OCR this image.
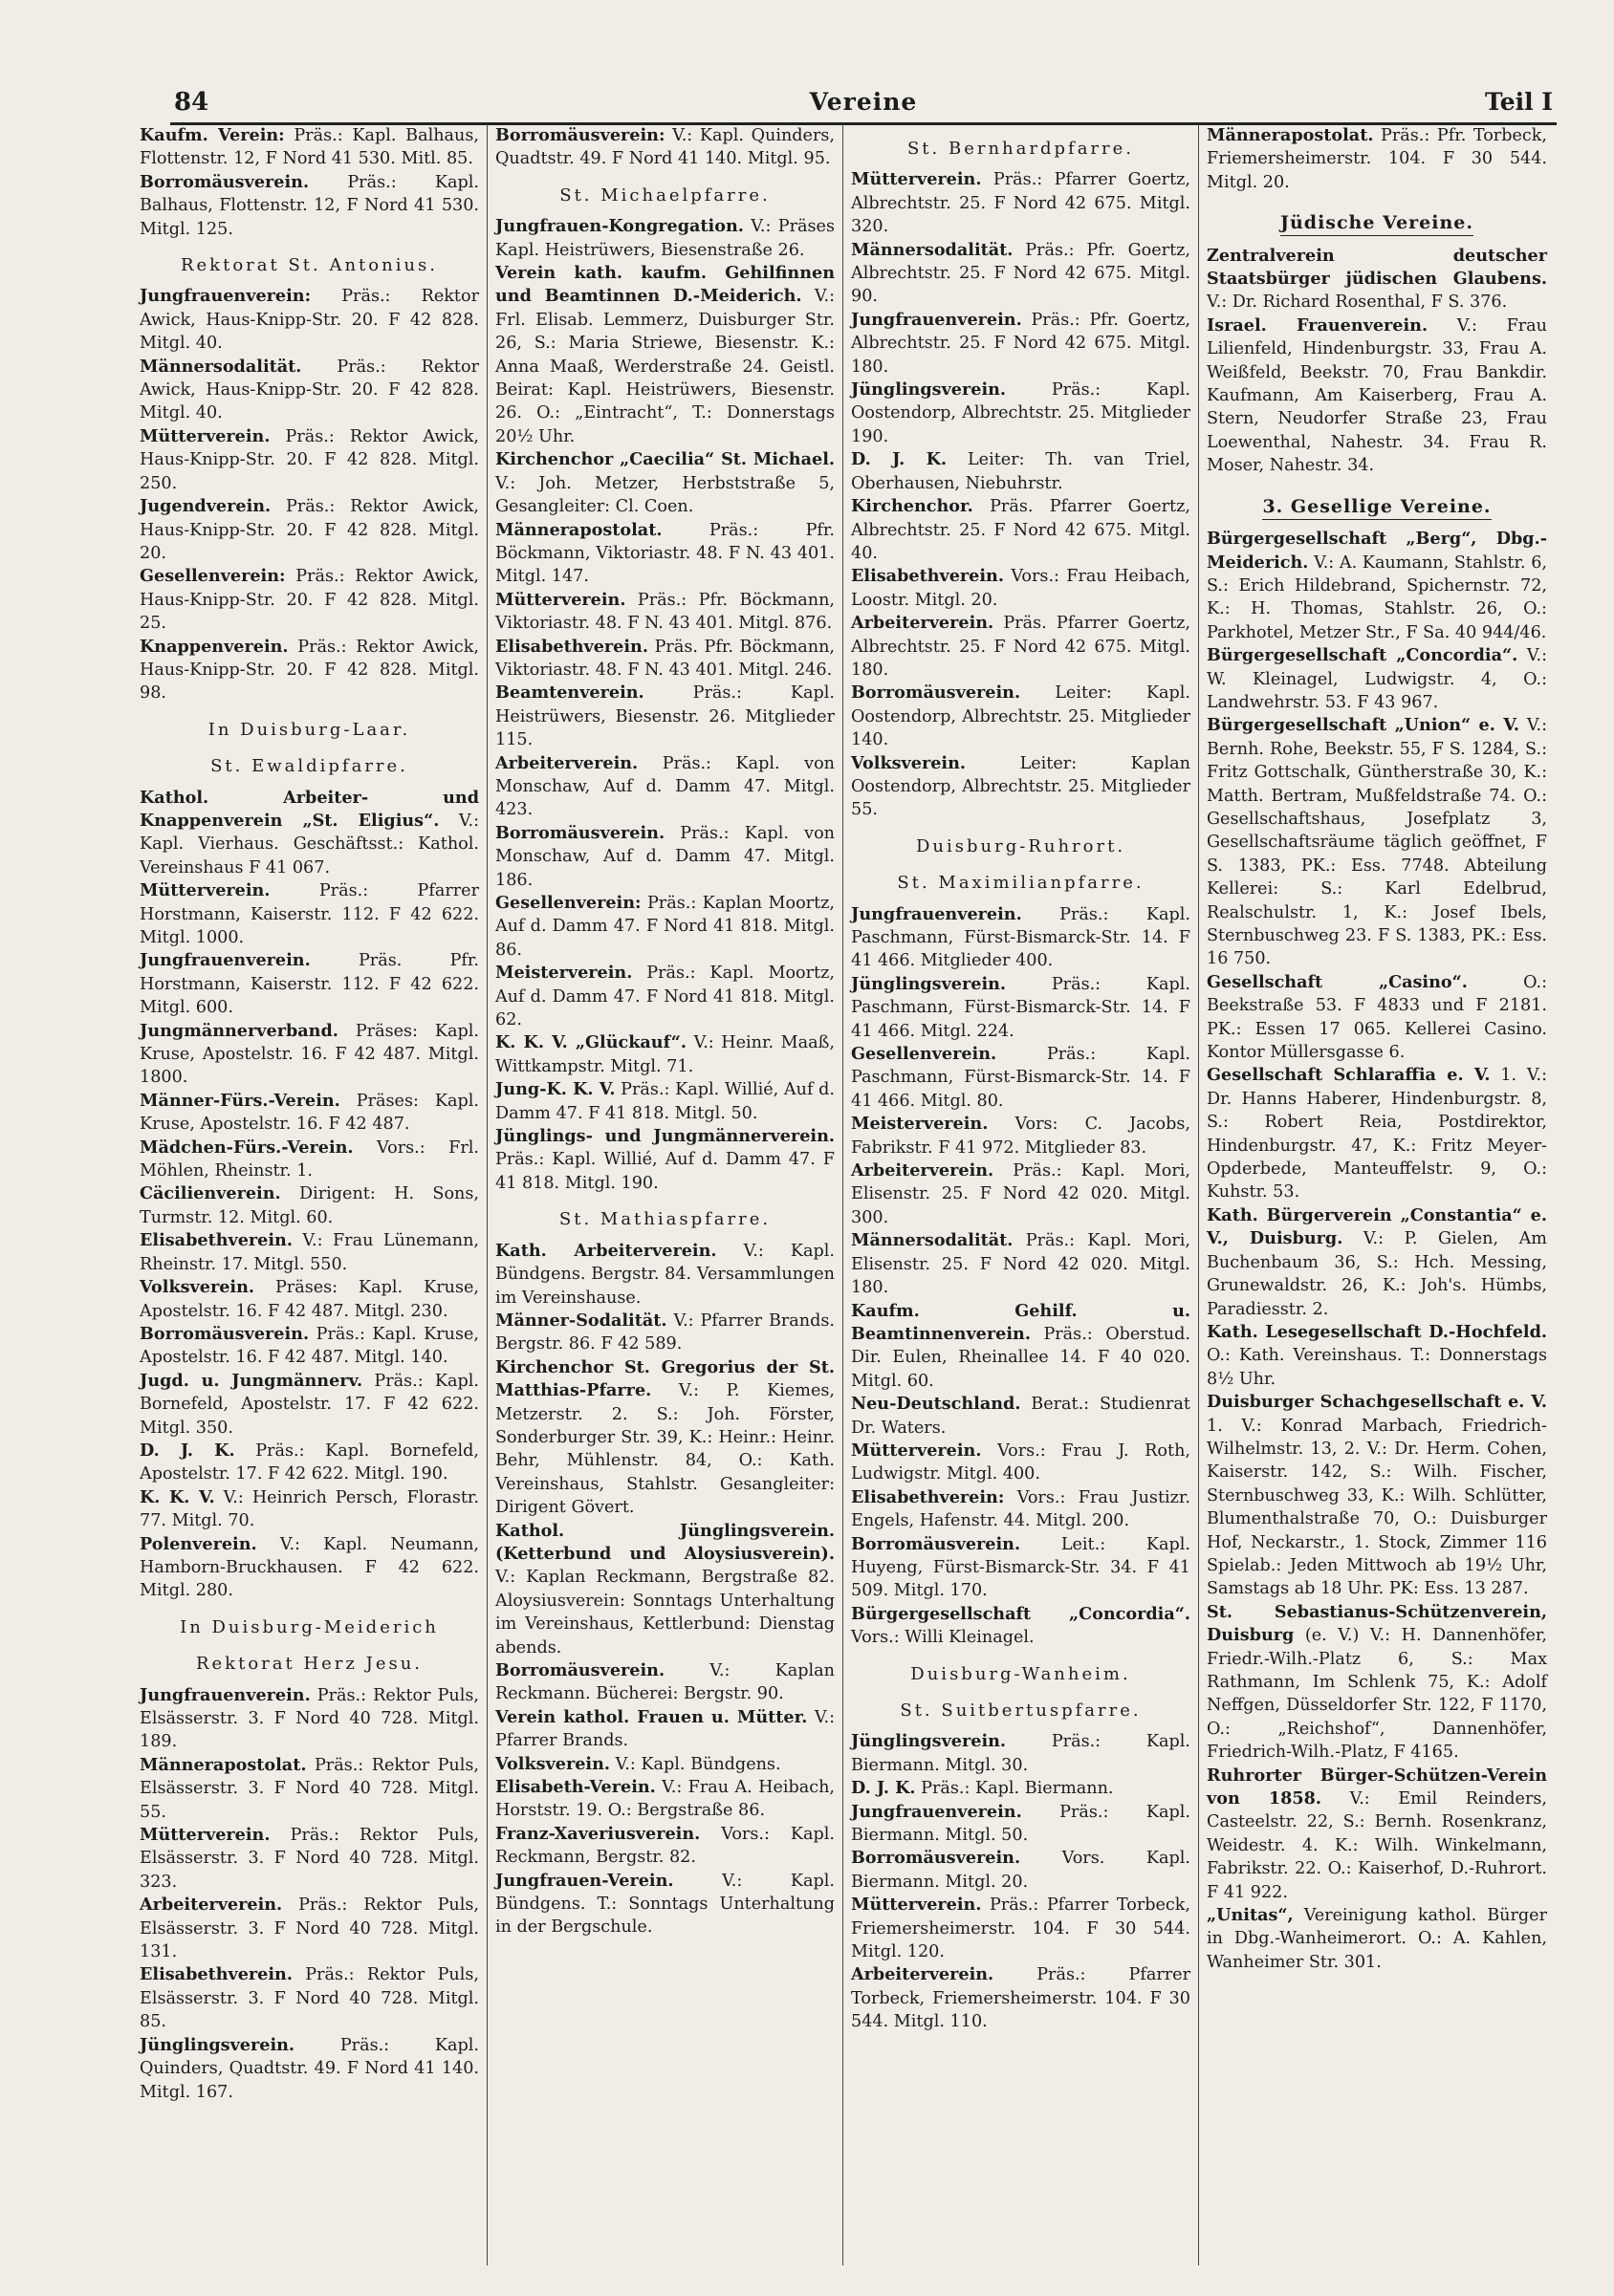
84	Vereine	Teil I

Kaufm. Verein: Präs.: Kapl. Balhaus, Flottenstr. 12, F Nord 41 530. Mitl. 85.

Borromäusverein. Präs.: Kapl. Balhaus, Flottenstr. 12, F Nord 41 530. Mitgl. 125.

Rektorat St. Antonius.

Jungfrauenverein: Präs.: Rektor Awick, Haus-Knipp-Str. 20. F 42 828. Mitgl. 40.

Männersodalität. Präs.: Rektor Awick, Haus-Knipp-Str. 20. F 42 828. Mitgl. 40.

Mütterverein. Präs.: Rektor Awick, Haus-Knipp-Str. 20. F 42 828. Mitgl. 250.

Jugendverein. Präs.: Rektor Awick, Haus-Knipp-Str. 20. F 42 828. Mitgl. 20.

Gesellenverein: Präs.: Rektor Awick, Haus-Knipp-Str. 20. F 42 828. Mitgl. 25.

Knappenverein. Präs.: Rektor Awick, Haus-Knipp-Str. 20. F 42 828. Mitgl. 98.

In Duisburg-Laar.
St. Ewaldipfarre.

Kathol. Arbeiter- und Knappenverein „St. Eligius“. V.: Kapl. Vierhaus. Geschäftsst.: Kathol. Vereinshaus F 41 067.

Mütterverein.	Präs.: Pfarrer Horstmann, Kaiserstr. 112. F 42 622. Mitgl. 1000.

Jungfrauenverein.	Präs. Pfr. Horstmann, Kaiserstr. 112. F 42 622. Mitgl. 600.

Jungmännerverband. Präses: Kapl. Kruse, Apostelstr. 16. F 42 487. Mitgl. 1800.

Männer-Fürs.-Verein. Präses: Kapl. Kruse, Apostelstr. 16. F 42 487.

Mädchen-Fürs.-Verein. Vors.: Frl. Möhlen, Rheinstr. 1.

Cäcilienverein. Dirigent: H. Sons, Turmstr. 12. Mitgl. 60.

Elisabethverein. V.: Frau Lünemann, Rheinstr. 17. Mitgl. 550.

Volksverein. Präses: Kapl. Kruse, Apostelstr. 16. F 42 487. Mitgl. 230.

Borromäusverein. Präs.: Kapl. Kruse, Apostelstr. 16. F 42 487. Mitgl. 140.

Jugd. u. Jungmännerv. Präs.: Kapl. Bornefeld, Apostelstr. 17. F 42 622. Mitgl. 350.

D. J. K. Präs.: Kapl. Bornefeld, Apostelstr. 17. F 42 622. Mitgl. 190.

K. K. V. V.: Heinrich Persch, Florastr. 77. Mitgl. 70.

Polenverein. V.: Kapl. Neumann, Hamborn-Bruckhausen. F 42 622. Mitgl. 280.

In Duisburg-Meiderich
Rektorat Herz Jesu.

Jungfrauenverein. Präs.: Rektor Puls, Elsässerstr. 3. F Nord 40 728. Mitgl. 189.

Männerapostolat. Präs.: Rektor Puls, Elsässerstr. 3. F Nord 40 728. Mitgl. 55.

Mütterverein. Präs.: Rektor Puls, Elsässerstr. 3. F Nord 40 728. Mitgl. 323.

Arbeiterverein. Präs.: Rektor Puls, Elsässerstr. 3. F Nord 40 728. Mitgl. 131.

Elisabethverein. Präs.: Rektor Puls, Elsässerstr. 3. F Nord 40 728. Mitgl. 85.

Jünglingsverein.	Präs.: Kapl. Quinders, Quadtstr. 49. F Nord 41 140. Mitgl. 167.

Borromäusverein: V.: Kapl. Quinders, Quadtstr. 49. F Nord 41 140. Mitgl. 95.

St. Michaelpfarre.

Jungfrauen-Kongregation. V.: Präses Kapl. Heistrüwers, Biesenstraße 26.

Verein kath. kaufm. Gehilfinnen und Beamtinnen D.-Meiderich. V.: Frl. Elisab. Lemmerz, Duisburger Str. 26, S.: Maria Striewe, Biesenstr. K.: Anna Maaß, Werderstraße 24. Geistl. Beirat: Kapl. Heistrüwers, Biesenstr. 26. O.: „Eintracht“, T.: Donnerstags 20½ Uhr.

Kirchenchor „Caecilia“ St. Michael. V.: Joh. Metzer, Herbststraße 5, Gesangleiter: Cl. Coen.

Männerapostolat.	Präs.: Pfr. Böckmann, Viktoriastr. 48. F N. 43 401. Mitgl. 147.

Mütterverein. Präs.: Pfr. Böckmann, Viktoriastr. 48. F N. 43 401. Mitgl. 876.

Elisabethverein. Präs. Pfr. Böckmann, Viktoriastr. 48. F N. 43 401. Mitgl. 246.

Beamtenverein.	Präs.: Kapl. Heistrüwers, Biesenstr. 26. Mitglieder 115.

Arbeiterverein. Präs.: Kapl. von Monschaw, Auf d. Damm 47. Mitgl. 423.

Borromäusverein. Präs.: Kapl. von Monschaw, Auf d. Damm 47. Mitgl. 186.

Gesellenverein: Präs.: Kaplan Moortz, Auf d. Damm 47. F Nord 41 818. Mitgl. 86.

Meisterverein. Präs.: Kapl. Moortz, Auf d. Damm 47. F Nord 41 818. Mitgl. 62.

K. K. V. „Glückauf“. V.: Heinr. Maaß, Wittkampstr. Mitgl. 71.

Jung-K. K. V. Präs.: Kapl. Willié, Auf d. Damm 47. F 41 818. Mitgl. 50.

Jünglings- und Jungmännerverein. Präs.: Kapl. Willié, Auf d. Damm 47. F 41 818. Mitgl. 190.

St. Mathiaspfarre.

Kath. Arbeiterverein. V.: Kapl. Bündgens. Bergstr. 84. Versammlungen im Vereinshause.

Männer-Sodalität. V.: Pfarrer Brands. Bergstr. 86. F 42 589.

Kirchenchor St. Gregorius der St. Matthias-Pfarre. V.: P. Kiemes, Metzerstr. 2. S.: Joh. Förster, Sonderburger Str. 39, K.: Heinr.: Heinr. Behr, Mühlenstr. 84, O.: Kath. Vereinshaus, Stahlstr. Gesangleiter: Dirigent Gövert.

Kathol. Jünglingsverein. (Ketterbund und Aloysiusverein). V.: Kaplan Reckmann, Bergstraße 82. Aloysiusverein: Sonntags Unterhaltung im Vereinshaus, Kettlerbund: Dienstag abends.

Borromäusverein.	V.: Kaplan Reckmann. Bücherei: Bergstr. 90.

Verein kathol. Frauen u. Mütter. V.: Pfarrer Brands.

Volksverein. V.: Kapl. Bündgens.

Elisabeth-Verein. V.: Frau A. Heibach, Horststr. 19. O.: Bergstraße 86.

Franz-Xaveriusverein. Vors.: Kapl. Reckmann, Bergstr. 82.

Jungfrauen-Verein.	V.: Kapl. Bündgens. T.: Sonntags Unterhaltung in der Bergschule.

St. Bernhardpfarre.

Mütterverein. Präs.: Pfarrer Goertz, Albrechtstr. 25. F Nord 42 675. Mitgl. 320.

Männersodalität. Präs.: Pfr. Goertz, Albrechtstr. 25. F Nord 42 675. Mitgl. 90.

Jungfrauenverein. Präs.: Pfr. Goertz, Albrechtstr. 25. F Nord 42 675. Mitgl. 180.

Jünglingsverein.	Präs.: Kapl. Oostendorp, Albrechtstr. 25. Mitglieder 190.

D. J. K. Leiter: Th. van Triel, Oberhausen, Niebuhrstr.

Kirchenchor. Präs. Pfarrer Goertz, Albrechtstr. 25. F Nord 42 675. Mitgl. 40.

Elisabethverein. Vors.: Frau Heibach, Loostr. Mitgl. 20.

Arbeiterverein. Präs. Pfarrer Goertz, Albrechtstr. 25. F Nord 42 675. Mitgl. 180.

Borromäusverein. Leiter: Kapl. Oostendorp, Albrechtstr. 25. Mitglieder 140.

Volksverein.	Leiter: Kaplan Oostendorp, Albrechtstr. 25. Mitglieder 55.

Duisburg-Ruhrort.
St. Maximilianpfarre.

Jungfrauenverein. Präs.: Kapl. Paschmann, Fürst-Bismarck-Str. 14. F 41 466. Mitglieder 400.

Jünglingsverein.	Präs.: Kapl. Paschmann, Fürst-Bismarck-Str. 14. F 41 466. Mitgl. 224.

Gesellenverein.	Präs.: Kapl. Paschmann, Fürst-Bismarck-Str. 14. F 41 466. Mitgl. 80.

Meisterverein. Vors: C. Jacobs, Fabrikstr. F 41 972. Mitglieder 83.

Arbeiterverein. Präs.: Kapl. Mori, Elisenstr. 25. F Nord 42 020. Mitgl. 300.

Männersodalität. Präs.: Kapl. Mori, Elisenstr. 25. F Nord 42 020. Mitgl. 180.

Kaufm. Gehilf. u. Beamtinnenverein. Präs.: Oberstud. Dir. Eulen, Rheinallee 14. F 40 020. Mitgl. 60.

Neu-Deutschland. Berat.: Studienrat Dr. Waters.

Mütterverein. Vors.: Frau J. Roth, Ludwigstr. Mitgl. 400.

Elisabethverein: Vors.: Frau Justizr. Engels, Hafenstr. 44. Mitgl. 200.

Borromäusverein. Leit.: Kapl. Huyeng, Fürst-Bismarck-Str. 34. F 41 509. Mitgl. 170.

Bürgergesellschaft „Concordia“. Vors.: Willi Kleinagel.

Duisburg-Wanheim.
St. Suitbertuspfarre.

Jünglingsverein.	Präs.: Kapl. Biermann. Mitgl. 30.

D. J. K. Präs.: Kapl. Biermann.

Jungfrauenverein. Präs.: Kapl. Biermann. Mitgl. 50.

Borromäusverein. Vors. Kapl. Biermann. Mitgl. 20.

Mütterverein. Präs.: Pfarrer Torbeck, Friemersheimerstr. 104. F 30 544. Mitgl. 120.

Arbeiterverein.	Präs.: Pfarrer Torbeck, Friemersheimerstr. 104. F 30 544. Mitgl. 110.

Männerapostolat. Präs.: Pfr. Torbeck, Friemersheimerstr. 104. F 30 544. Mitgl. 20.

Jüdische Vereine.

Zentralverein deutscher Staatsbürger jüdischen Glaubens. V.: Dr. Richard Rosenthal, F S. 376.

Israel. Frauenverein. V.: Frau Lilienfeld, Hindenburgstr. 33, Frau A. Weißfeld, Beekstr. 70, Frau Bankdir. Kaufmann, Am Kaiserberg, Frau A. Stern, Neudorfer Straße 23, Frau Loewenthal, Nahestr. 34. Frau R. Moser, Nahestr. 34.

3. Gesellige Vereine.

Bürgergesellschaft „Berg“, Dbg.-Meiderich. V.: A. Kaumann, Stahlstr. 6, S.: Erich Hildebrand, Spichernstr. 72, K.: H. Thomas, Stahlstr. 26, O.: Parkhotel, Metzer Str., F Sa. 40 944/46.

Bürgergesellschaft „Concordia“. V.: W. Kleinagel, Ludwigstr. 4, O.: Landwehrstr. 53. F 43 967.

Bürgergesellschaft „Union“ e. V. V.: Bernh. Rohe, Beekstr. 55, F S. 1284, S.: Fritz Gottschalk, Güntherstraße 30, K.: Matth. Bertram, Mußfeldstraße 74. O.: Gesellschaftshaus, Josefplatz 3, Gesellschaftsräume täglich geöffnet, F S. 1383, PK.: Ess. 7748. Abteilung Kellerei: S.: Karl Edelbrud, Realschulstr. 1, K.: Josef Ibels, Sternbuschweg 23. F S. 1383, PK.: Ess. 16 750.

Gesellschaft „Casino“.	O.: Beekstraße 53. F 4833 und F 2181. PK.: Essen 17 065. Kellerei Casino. Kontor Müllersgasse 6.

Gesellschaft Schlaraffia e. V. 1. V.: Dr. Hanns Haberer, Hindenburgstr. 8, S.: Robert Reia, Postdirektor, Hindenburgstr. 47, K.: Fritz Meyer-Opderbede, Manteuffelstr. 9, O.: Kuhstr. 53.

Kath. Bürgerverein „Constantia“ e. V., Duisburg. V.: P. Gielen, Am Buchenbaum 36, S.: Hch. Messing, Grunewaldstr. 26, K.: Joh's. Hümbs, Paradiesstr. 2.

Kath. Lesegesellschaft D.-Hochfeld. O.: Kath. Vereinshaus. T.: Donnerstags 8½ Uhr.

Duisburger Schachgesellschaft e. V. 1. V.: Konrad Marbach, Friedrich-Wilhelmstr. 13, 2. V.: Dr. Herm. Cohen, Kaiserstr. 142, S.: Wilh. Fischer, Sternbuschweg 33, K.: Wilh. Schlütter, Blumenthalstraße 70, O.: Duisburger Hof, Neckarstr., 1. Stock, Zimmer 116 Spielab.: Jeden Mittwoch ab 19½ Uhr, Samstags ab 18 Uhr. PK: Ess. 13 287.

St. Sebastianus-Schützenverein, Duisburg (e. V.) V.: H. Dannenhöfer, Friedr.-Wilh.-Platz 6, S.: Max Rathmann, Im Schlenk 75, K.: Adolf Neffgen, Düsseldorfer Str. 122, F 1170, O.: „Reichshof“, Dannenhöfer, Friedrich-Wilh.-Platz, F 4165.

Ruhrorter Bürger-Schützen-Verein von 1858. V.: Emil Reinders, Casteelstr. 22, S.: Bernh. Rosenkranz, Weidestr. 4. K.: Wilh. Winkelmann, Fabrikstr. 22. O.: Kaiserhof, D.-Ruhrort. F 41 922.

„Unitas“, Vereinigung kathol. Bürger in Dbg.-Wanheimerort. O.: A. Kahlen, Wanheimer Str. 301.
